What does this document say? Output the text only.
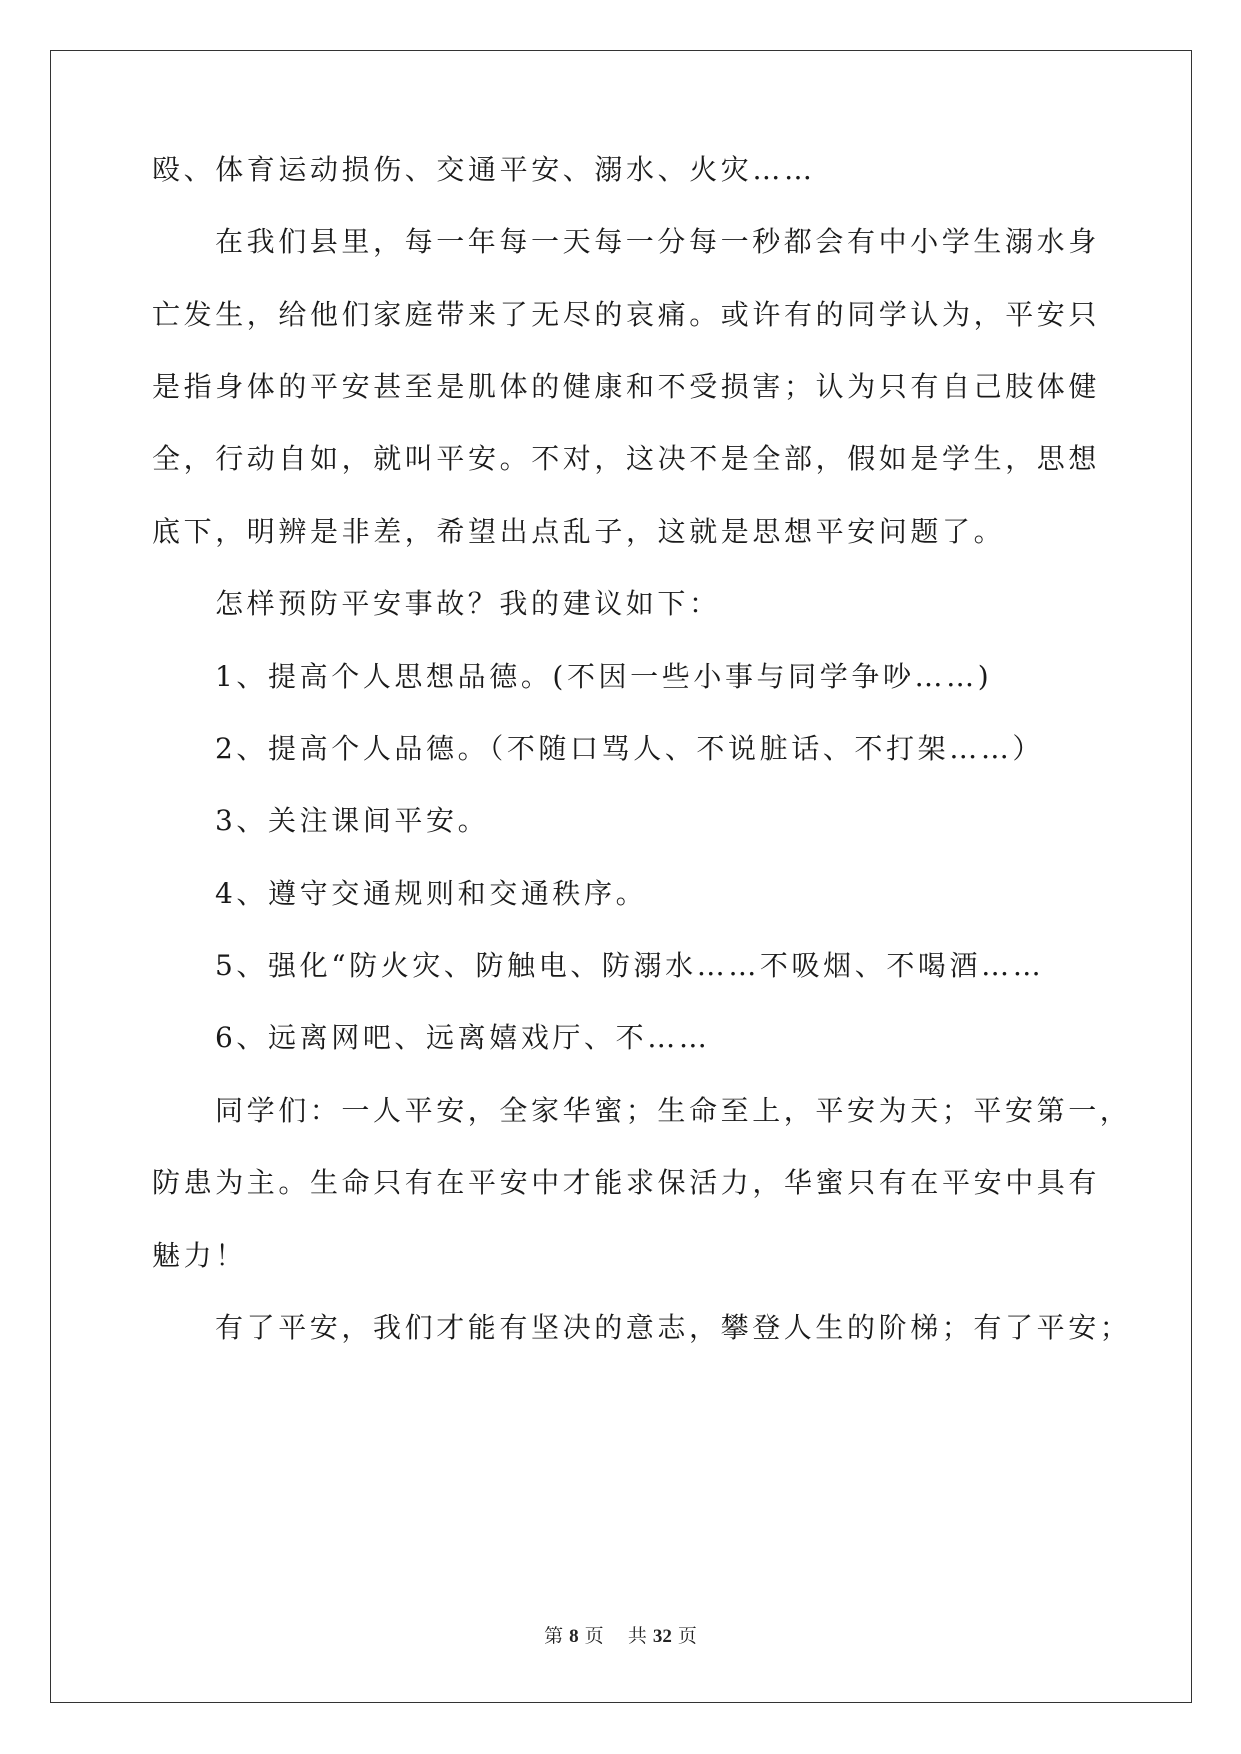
殴、体育运动损伤、交通平安、溺水、火灾……
在我们县里，每一年每一天每一分每一秒都会有中小学生溺水身
亡发生，给他们家庭带来了无尽的哀痛。或许有的同学认为，平安只
是指身体的平安甚至是肌体的健康和不受损害；认为只有自己肢体健
全，行动自如，就叫平安。不对，这决不是全部，假如是学生，思想
底下，明辨是非差，希望出点乱子，这就是思想平安问题了。
怎样预防平安事故？我的建议如下：
1、提高个人思想品德。(不因一些小事与同学争吵……)
2、提高个人品德。（不随口骂人、不说脏话、不打架……）
3、关注课间平安。
4、遵守交通规则和交通秩序。
5、强化“防火灾、防触电、防溺水……不吸烟、不喝酒……
6、远离网吧、远离嬉戏厅、不……
同学们：一人平安，全家华蜜；生命至上，平安为天；平安第一，
防患为主。生命只有在平安中才能求保活力，华蜜只有在平安中具有
魅力！
有了平安，我们才能有坚决的意志，攀登人生的阶梯；有了平安；
第 8 页 共 32 页
